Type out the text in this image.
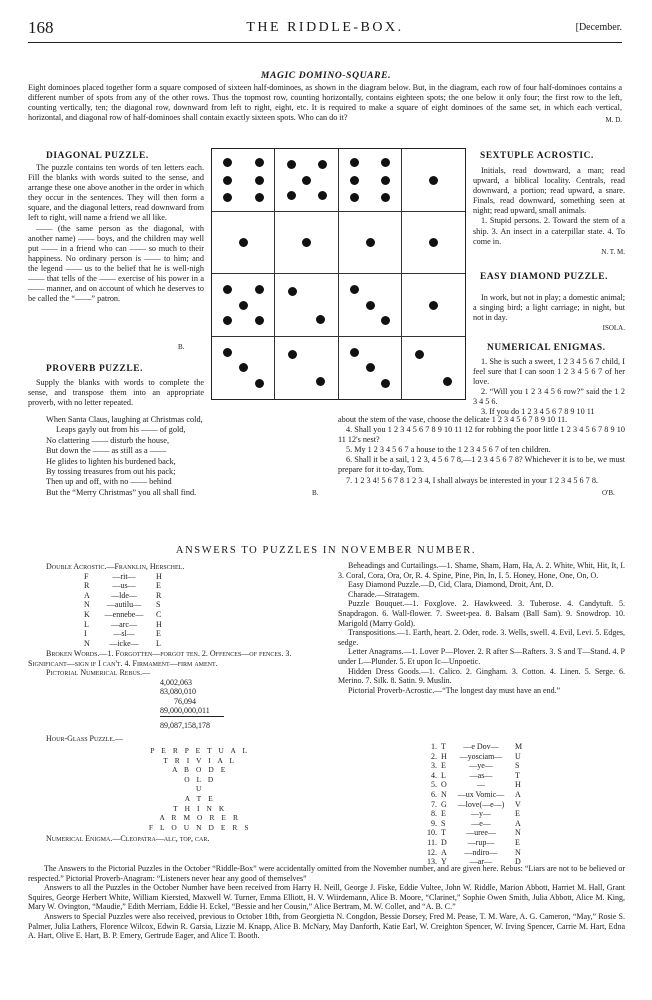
168	THE RIDDLE-BOX.	[December.
MAGIC DOMINO-SQUARE.
Eight dominoes placed together form a square composed of sixteen half-dominoes, as shown in the diagram below. But, in the diagram, each row of four half-dominoes contains a different number of spots from any of the other rows. Thus the topmost row, counting horizontally, contains eighteen spots; the one below it only four; the first row to the left, counting vertically, ten; the diagonal row, downward from left to right, eight, etc. It is required to make a square of eight dominoes of the same set, in which each vertical, horizontal, and diagonal row of half-dominoes shall contain exactly sixteen spots. Who can do it?	M. D.
DIAGONAL PUZZLE.

The puzzle contains ten words of ten letters each. Fill the blanks with words suited to the sense, and arrange these one above another in the order in which they occur in the sentences. They will then form a square, and the diagonal letters, read downward from left to right, will name a friend we all like.

—— (the same person as the diagonal, with another name) —— boys, and the children may well put —— in a friend who can —— so much to their happiness. No ordinary person is —— to him; and the legend —— us to the belief that he is well-nigh —— that tells of the —— exercise of his power in a —— manner, and on account of which he deserves to be called the “——” patron.

B.
PROVERB PUZZLE.

Supply the blanks with words to complete the sense, and transpose them into an appropriate proverb, with no letter repeated.

When Santa Claus, laughing at Christmas cold,
Leaps gayly out from his —— of gold,
No clattering —— disturb the house,
But down the —— as still as a ——
He glides to lighten his burdened back,
By tossing treasures from out his pack;
Then up and off, with no —— behind
But the “Merry Christmas” you all shall find.	B.
SEXTUPLE ACROSTIC.

Initials, read downward, a man; read upward, a biblical locality. Centrals, read downward, a portion; read upward, a snare. Finals, read downward, something seen at night; read upward, small animals.

1. Stupid persons. 2. Toward the stern of a ship. 3. An insect in a caterpillar state. 4. To come in.

N. T. M.

EASY DIAMOND PUZZLE.

In work, but not in play; a domestic animal; a singing bird; a light carriage; in night, but not in day.

ISOLA.

NUMERICAL ENIGMAS.

1. She is such a sweet, 1 2 3 4 5 6 7 child, I feel sure that I can soon 1 2 3 4 5 6 7 of her love.

2. “Will you 1 2 3 4 5 6 row?” said the 1 2 3 4 5 6.

3. If you do 1 2 3 4 5 6 7 8 9 10 11

about the stem of the vase, choose the delicate 1 2 3 4 5 6 7 8 9 10 11.

4. Shall you 1 2 3 4 5 6 7 8 9 10 11 12 for robbing the poor little 1 2 3 4 5 6 7 8 9 10 11 12's nest?

5. My 1 2 3 4 5 6 7 a house to the 1 2 3 4 5 6 7 of ten children.

6. Shall it be a sail, 1 2 3, 4 5 6 7 8,—1 2 3 4 5 6 7 8? Whichever it is to be, we must prepare for it to-day, Tom.

7. 1 2 3 4! 5 6 7 8 1 2 3 4, I shall always be interested in your 1 2 3 4 5 6 7 8.

O'B.
ANSWERS TO PUZZLES IN NOVEMBER NUMBER.
Double Acrostic.—Franklin, Herschel.
F	—rit—	H
R	—us—	E
A	—lde—	R
N	—autilu—	S
K	—ennebe—	C
L	—arc—	H
I	—sl—	E
N	—icke—	L
Broken Words.—1. Forgotten—forgot ten. 2. Offences—of fences. 3. Significant—sign if I can't. 4. Firmament—firm ament.
Pictorial Numerical Rebus.—
4,002,063
83,080,010
76,094
89,000,000,011
89,087,158,178
Hour-Glass Puzzle.—
P E R P E T U A L
T R I V I A L
A B O D E
O L D
U
A T E
T H I N K
A R M O R E R
F L O U N D E R S
Numerical Enigma.—Cleopatra—alc, top, car.
Beheadings and Curtailings.—1. Shame, Sham, Ham, Ha, A. 2. White, Whit, Hit, It, I. 3. Coral, Cora, Ora, Or, R. 4. Spine, Pine, Pin, In, I. 5. Honey, Hone, One, On, O.
Easy Diamond Puzzle.—D, Cid, Clara, Diamond, Droit, Ant, D.
Charade.—Stratagem.
Puzzle Bouquet.—1. Foxglove. 2. Hawkweed. 3. Tuberose. 4. Candytuft. 5. Snapdragon. 6. Wall-flower. 7. Sweet-pea. 8. Balsam (Ball Sam). 9. Snowdrop. 10. Marigold (Marry Gold).
Transpositions.—1. Earth, heart. 2. Oder, rode. 3. Wells, swell. 4. Evil, Levi. 5. Edges, sedge.
Letter Anagrams.—1. Lover P—Plover. 2. R after S—Rafters. 3. S and T—Stand. 4. P under L—Plunder. 5. Et upon Ic—Unpoetic.
Hidden Dress Goods.—1. Calico. 2. Gingham. 3. Cotton. 4. Linen. 5. Serge. 6. Merino. 7. Silk. 8. Satin. 9. Muslin.
Pictorial Proverb-Acrostic.—“The longest day must have an end.”
1. T	—e Dov—	M
2. H	—yosciam—	U
3. E	—ye—	S
4. L	—as—	T
5. O	—	H
6. N	—ux Vomic—	A
7. G	—love(—e—)	V
8. E	—y—	E
9. S	—e—	A
10. T	—uree—	N
11. D	—rup—	E
12. A	—ndiro—	N
13. Y	—ar—	D
The Answers to the Pictorial Puzzles in the October “Riddle-Box” were accidentally omitted from the November number, and are given here. Rebus: “Liars are not to be believed or respected.” Pictorial Proverb-Anagram: “Listeners never hear any good of themselves”
Answers to all the Puzzles in the October Number have been received from Harry H. Neill, George J. Fiske, Eddie Vultee, John W. Riddle, Marion Abbott, Harriet M. Hall, Grant Squires, George Herbert White, William Kiersted, Maxwell W. Turner, Emma Elliott, H. V. Wiirdemann, Alice B. Moore, “Clarinet,” Sophie Owen Smith, Julia Abbott, Alice M. King, Mary W. Ovington, “Maudie,” Edith Merriam, Eddie H. Eckel, “Bessie and her Cousin,” Alice Bertram, M. W. Collet, and “A. B. C.”
Answers to Special Puzzles were also received, previous to October 18th, from Georgietta N. Congdon, Bessie Dorsey, Fred M. Pease, T. M. Ware, A. G. Cameron, “May,” Rosie S. Palmer, Julia Lathers, Florence Wilcox, Edwin R. Garsia, Lizzie M. Knapp, Alice B. McNary, May Danforth, Katie Earl, W. Creighton Spencer, W. Irving Spencer, Carrie M. Hart, Edna A. Hart, Olive E. Hart, B. P. Emery, Gertrude Eager, and Alice T. Booth.
